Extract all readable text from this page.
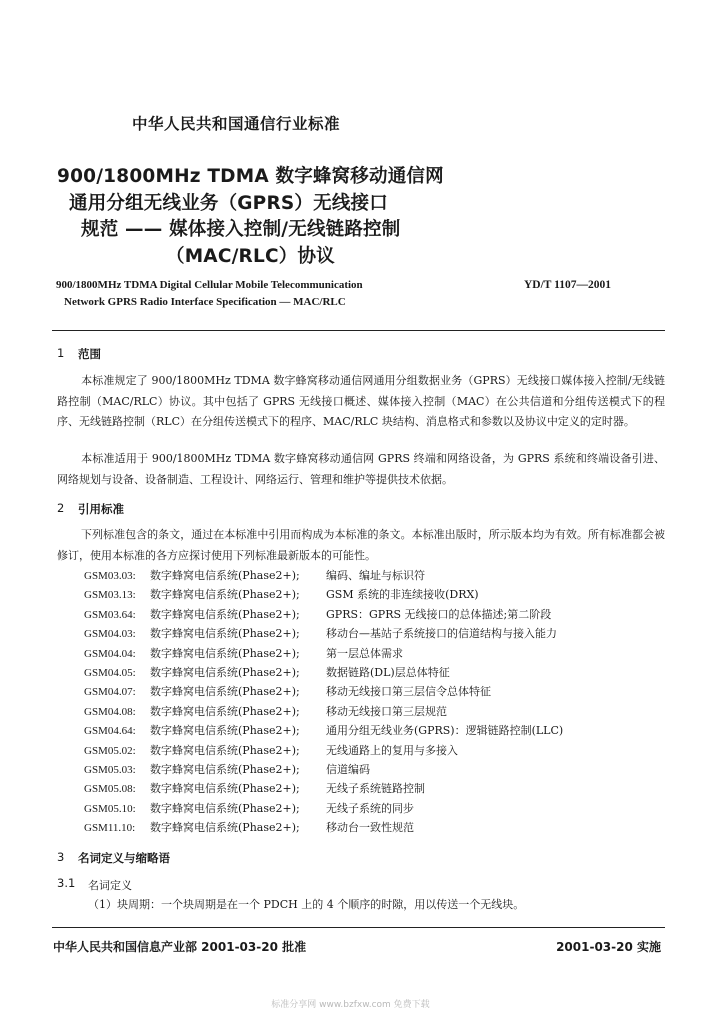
中华人民共和国通信行业标准
900/1800MHz TDMA 数字蜂窝移动通信网
通用分组无线业务（GPRS）无线接口
规范 —— 媒体接入控制/无线链路控制
（MAC/RLC）协议
900/1800MHz TDMA Digital Cellular Mobile Telecommunication
Network GPRS Radio Interface Specification — MAC/RLC
YD/T 1107—2001
1 范围
本标准规定了 900/1800MHz TDMA 数字蜂窝移动通信网通用分组数据业务（GPRS）无线接口媒体接入控制/无线链路控制（MAC/RLC）协议。其中包括了 GPRS 无线接口概述、媒体接入控制（MAC）在公共信道和分组传送模式下的程序、无线链路控制（RLC）在分组传送模式下的程序、MAC/RLC 块结构、消息格式和参数以及协议中定义的定时器。
本标准适用于 900/1800MHz TDMA 数字蜂窝移动通信网 GPRS 终端和网络设备，为 GPRS 系统和终端设备引进、网络规划与设备、设备制造、工程设计、网络运行、管理和维护等提供技术依据。
2 引用标准
下列标准包含的条文，通过在本标准中引用而构成为本标准的条文。本标准出版时，所示版本均为有效。所有标准都会被修订，使用本标准的各方应探讨使用下列标准最新版本的可能性。
GSM03.03: 数字蜂窝电信系统(Phase2+); 编码、编址与标识符
GSM03.13: 数字蜂窝电信系统(Phase2+); GSM 系统的非连续接收(DRX)
GSM03.64: 数字蜂窝电信系统(Phase2+); GPRS：GPRS 无线接口的总体描述;第二阶段
GSM04.03: 数字蜂窝电信系统(Phase2+); 移动台—基站子系统接口的信道结构与接入能力
GSM04.04: 数字蜂窝电信系统(Phase2+); 第一层总体需求
GSM04.05: 数字蜂窝电信系统(Phase2+); 数据链路(DL)层总体特征
GSM04.07: 数字蜂窝电信系统(Phase2+); 移动无线接口第三层信令总体特征
GSM04.08: 数字蜂窝电信系统(Phase2+); 移动无线接口第三层规范
GSM04.64: 数字蜂窝电信系统(Phase2+); 通用分组无线业务(GPRS)：逻辑链路控制(LLC)
GSM05.02: 数字蜂窝电信系统(Phase2+); 无线通路上的复用与多接入
GSM05.03: 数字蜂窝电信系统(Phase2+); 信道编码
GSM05.08: 数字蜂窝电信系统(Phase2+); 无线子系统链路控制
GSM05.10: 数字蜂窝电信系统(Phase2+); 无线子系统的同步
GSM11.10: 数字蜂窝电信系统(Phase2+); 移动台一致性规范
3 名词定义与缩略语
3.1 名词定义
（1）块周期：一个块周期是在一个 PDCH 上的 4 个顺序的时隙，用以传送一个无线块。
中华人民共和国信息产业部 2001-03-20 批准	2001-03-20 实施
标准分享网 www.bzfxw.com 免费下载
